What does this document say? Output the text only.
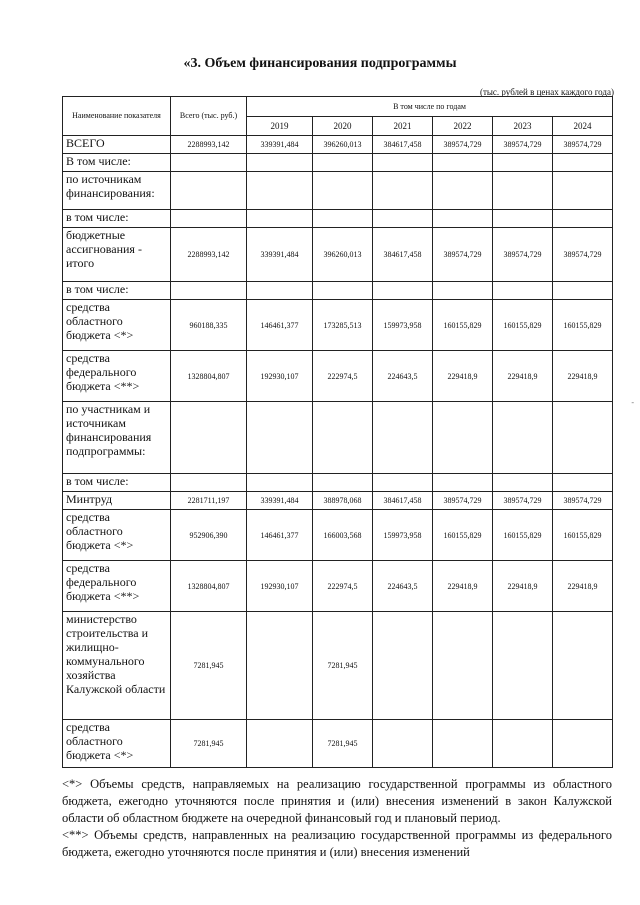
«3. Объем финансирования подпрограммы
(тыс. рублей в ценах каждого года)
Наименование показателя	Всего (тыс. руб.)	В том числе по годам					
		2019	2020	2021	2022	2023	2024
ВСЕГО	2288993,142	339391,484	396260,013	384617,458	389574,729	389574,729	389574,729
В том числе:							
по источникам финансирования:							
в том числе:							
бюджетные ассигнования - итого	2288993,142	339391,484	396260,013	384617,458	389574,729	389574,729	389574,729
в том числе:							
средства областного бюджета <*>	960188,335	146461,377	173285,513	159973,958	160155,829	160155,829	160155,829
средства федерального бюджета <**>	1328804,807	192930,107	222974,5	224643,5	229418,9	229418,9	229418,9
по участникам и источникам финансирования подпрограммы:							
в том числе:							
Минтруд	2281711,197	339391,484	388978,068	384617,458	389574,729	389574,729	389574,729
средства областного бюджета <*>	952906,390	146461,377	166003,568	159973,958	160155,829	160155,829	160155,829
средства федерального бюджета <**>	1328804,807	192930,107	222974,5	224643,5	229418,9	229418,9	229418,9
министерство строительства и жилищно-коммунального хозяйства Калужской области	7281,945		7281,945				
средства областного бюджета <*>	7281,945		7281,945				
<*> Объемы средств, направляемых на реализацию государственной программы из областного бюджета, ежегодно уточняются после принятия и (или) внесения изменений в закон Калужской области об областном бюджете на очередной финансовый год и плановый период.
<**> Объемы средств, направленных на реализацию государственной программы из федерального бюджета, ежегодно уточняются после принятия и (или) внесения изменений
-
